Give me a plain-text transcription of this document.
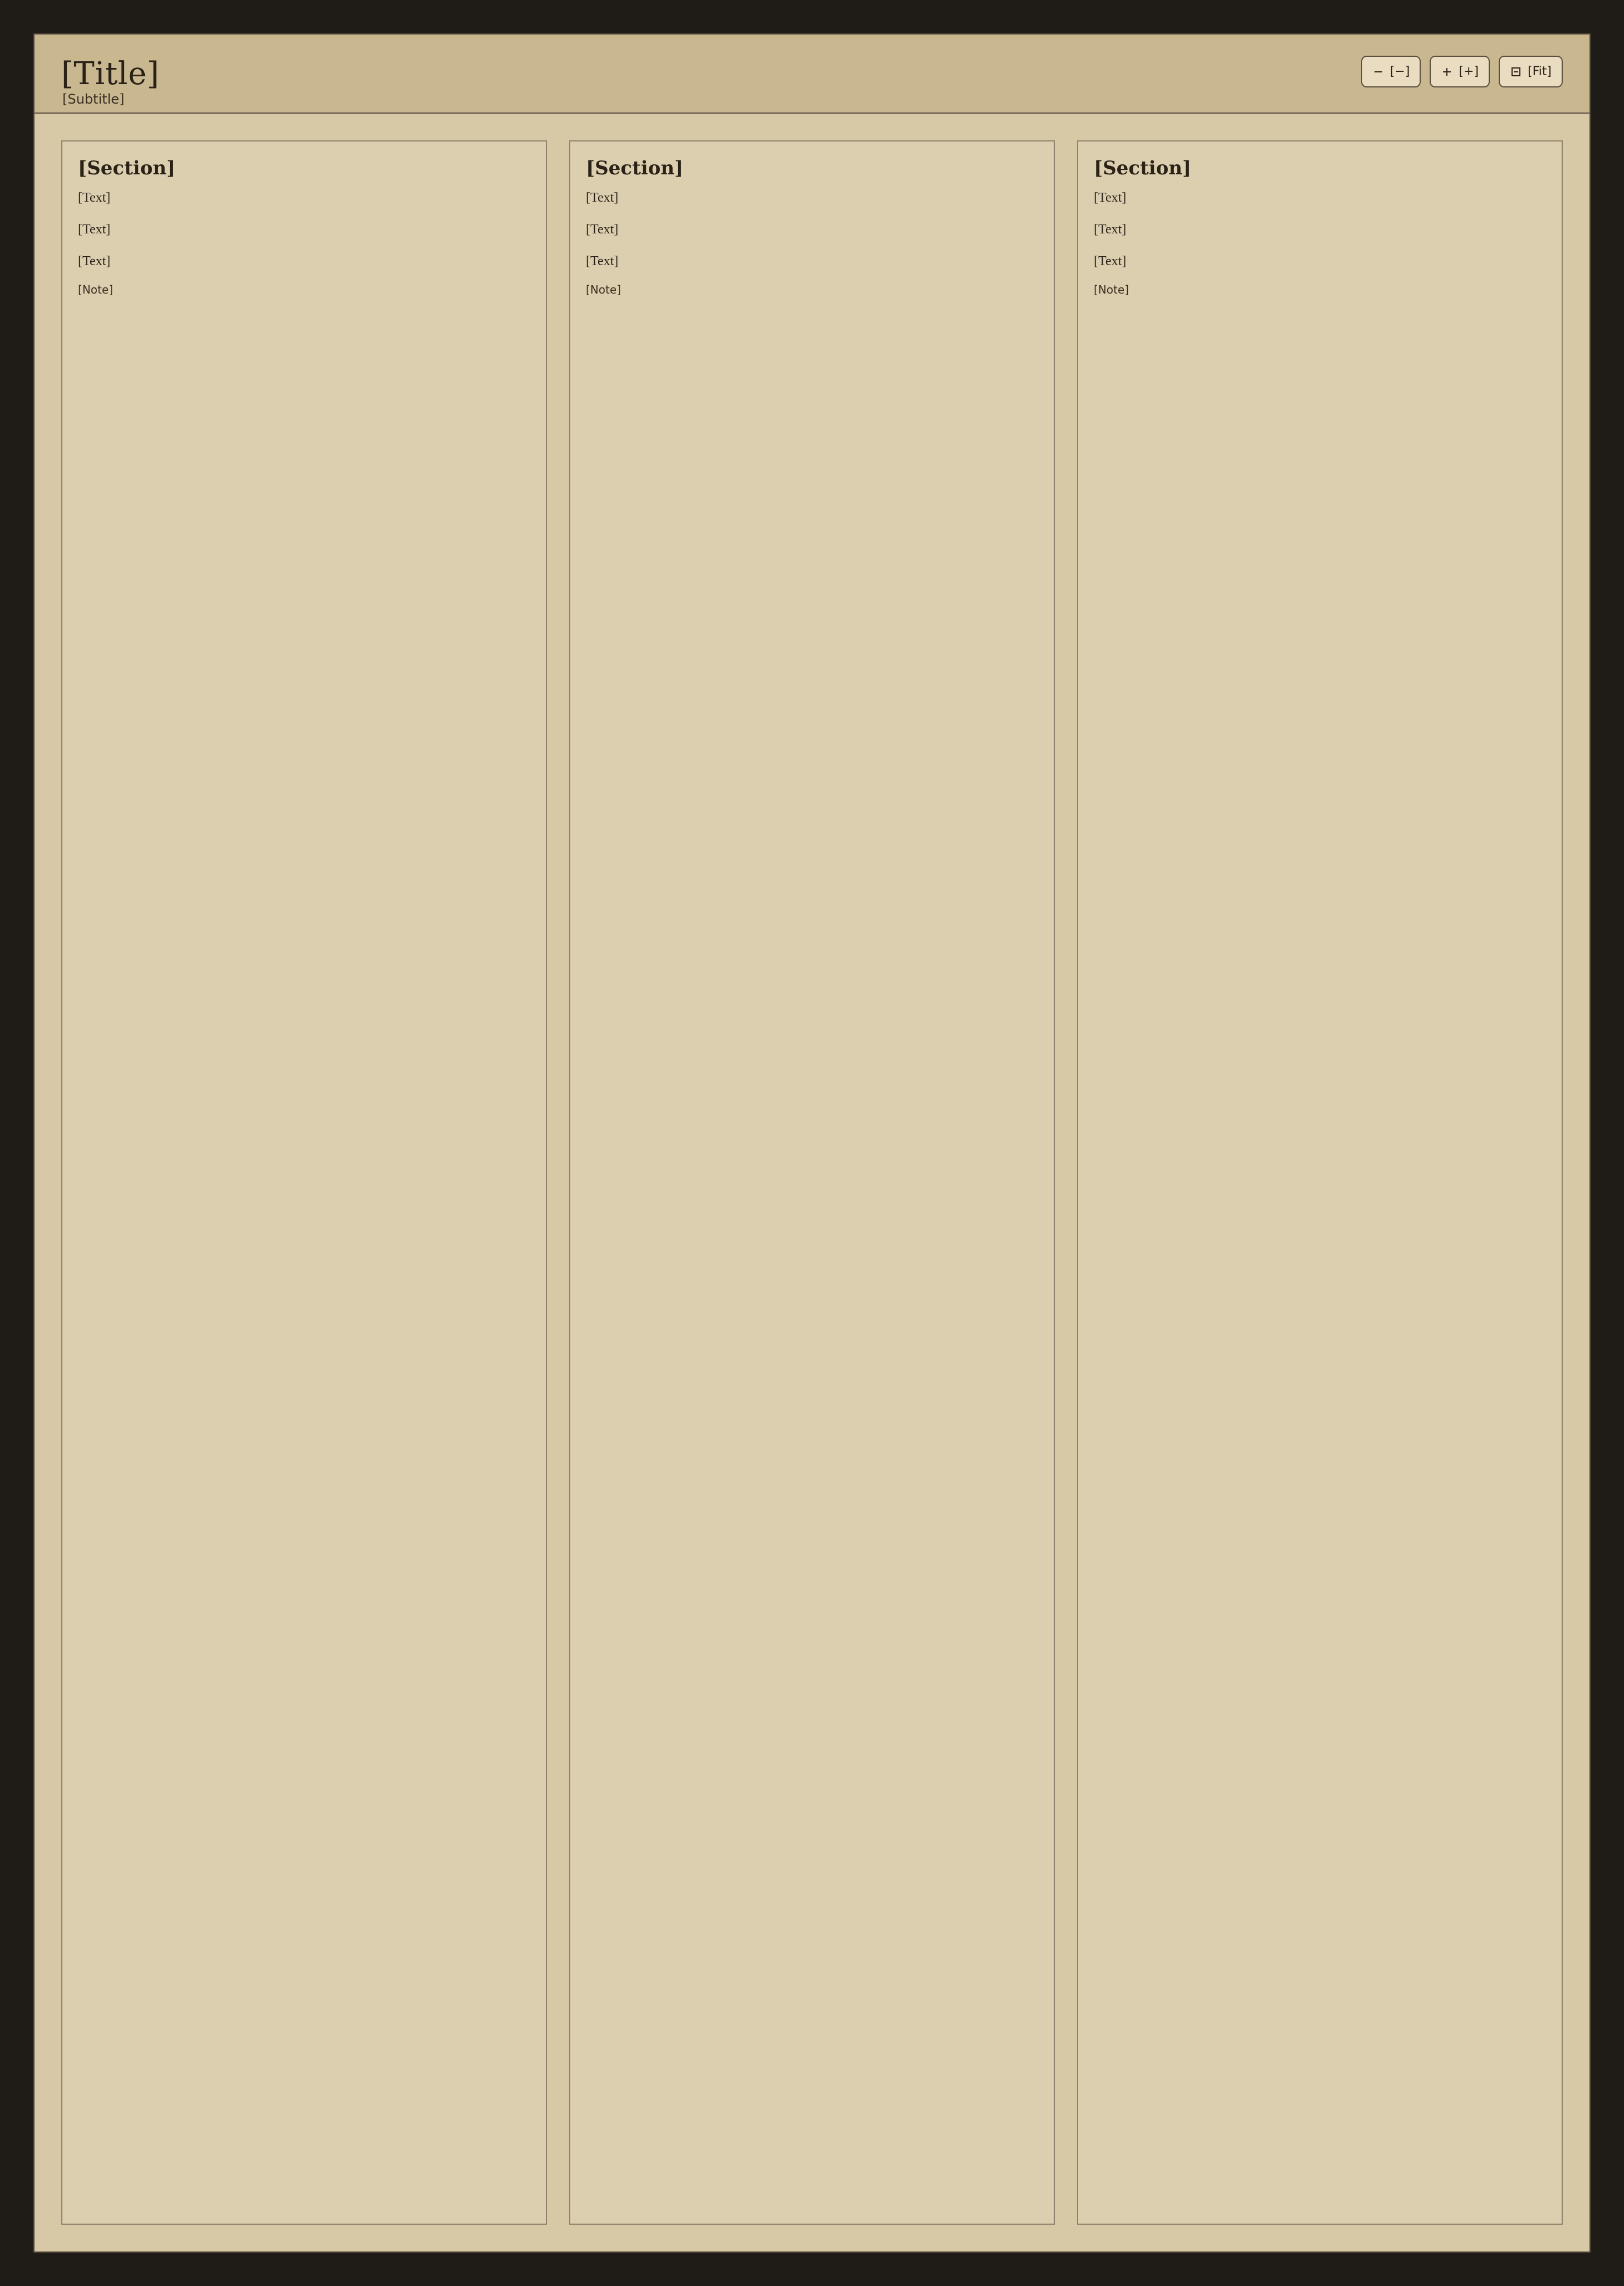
[Title]
[Subtitle]
[−]	[+]	[Fit]
[Section]

[Text]

[Text]

[Text]

[Note]
[Section]

[Text]

[Text]

[Text]

[Note]
[Section]

[Text]

[Text]

[Text]

[Note]
